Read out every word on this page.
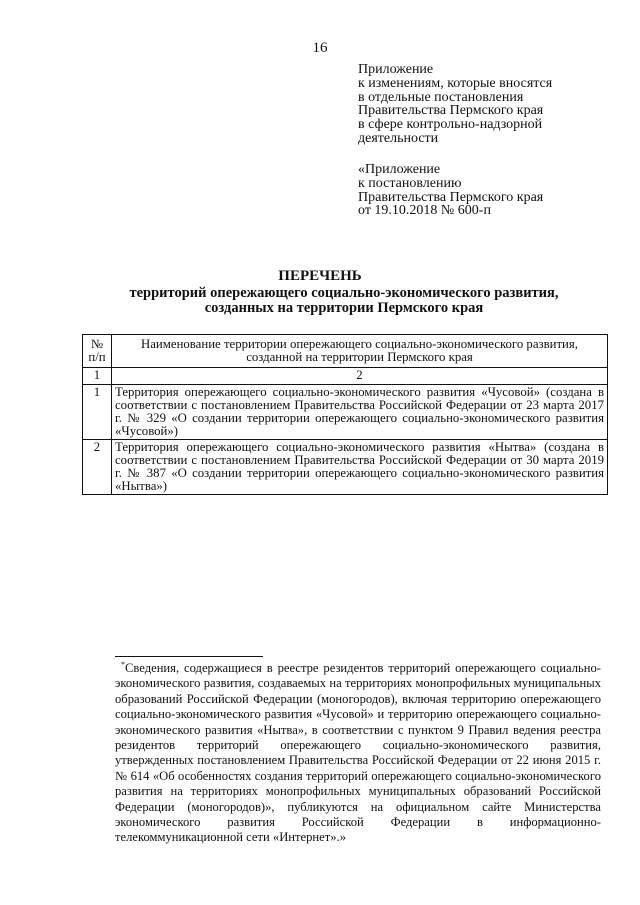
16
Приложение
к изменениям, которые вносятся
в отдельные постановления
Правительства Пермского края
в сфере контрольно-надзорной
деятельности
«Приложение
к постановлению
Правительства Пермского края
от 19.10.2018 № 600-п
ПЕРЕЧЕНЬ
территорий опережающего социально-экономического развития, созданных на территории Пермского края
№ п/п	Наименование территории опережающего социально-экономического развития, созданной на территории Пермского края
1	2
1	Территория опережающего социально-экономического развития «Чусовой» (создана в соответствии с постановлением Правительства Российской Федерации от 23 марта 2017 г. № 329 «О создании территории опережающего социально-экономического развития «Чусовой»)
2	Территория опережающего социально-экономического развития «Нытва» (создана в соответствии с постановлением Правительства Российской Федерации от 30 марта 2019 г. № 387 «О создании территории опережающего социально-экономического развития «Нытва»)
*Сведения, содержащиеся в реестре резидентов территорий опережающего социально-экономического развития, создаваемых на территориях монопрофильных муниципальных образований Российской Федерации (моногородов), включая территорию опережающего социально-экономического развития «Чусовой» и территорию опережающего социально-экономического развития «Нытва», в соответствии с пунктом 9 Правил ведения реестра резидентов территорий опережающего социально-экономического развития, утвержденных постановлением Правительства Российской Федерации от 22 июня 2015 г. № 614 «Об особенностях создания территорий опережающего социально-экономического развития на территориях монопрофильных муниципальных образований Российской Федерации (моногородов)», публикуются на официальном сайте Министерства экономического развития Российской Федерации в информационно-телекоммуникационной сети «Интернет».»
